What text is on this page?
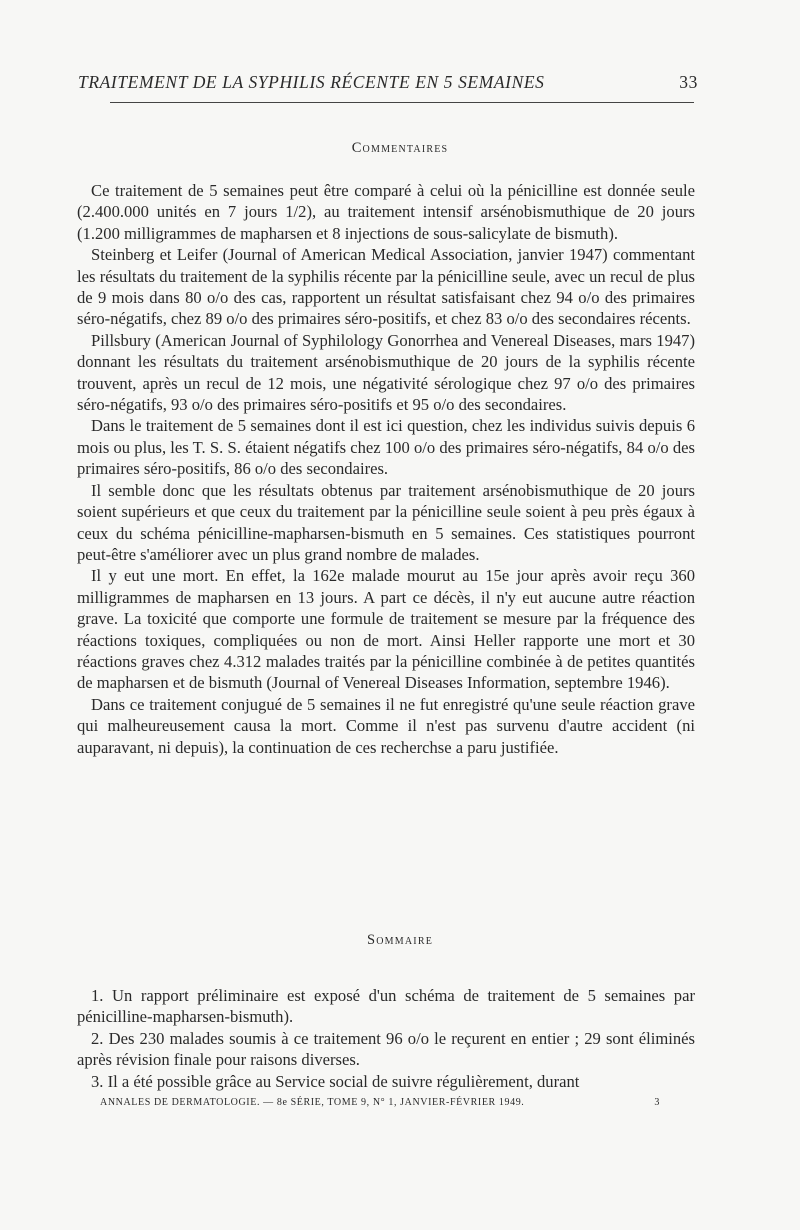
TRAITEMENT DE LA SYPHILIS RÉCENTE EN 5 SEMAINES	33
Commentaires

Ce traitement de 5 semaines peut être comparé à celui où la pénicilline est donnée seule (2.400.000 unités en 7 jours 1/2), au traitement intensif arsénobismuthique de 20 jours (1.200 milligrammes de mapharsen et 8 injections de sous-salicylate de bismuth).

Steinberg et Leifer (Journal of American Medical Association, janvier 1947) commentant les résultats du traitement de la syphilis récente par la pénicilline seule, avec un recul de plus de 9 mois dans 80 o/o des cas, rapportent un résultat satisfaisant chez 94 o/o des primaires séro-négatifs, chez 89 o/o des primaires séro-positifs, et chez 83 o/o des secondaires récents.

Pillsbury (American Journal of Syphilology Gonorrhea and Venereal Diseases, mars 1947) donnant les résultats du traitement arsénobismuthique de 20 jours de la syphilis récente trouvent, après un recul de 12 mois, une négativité sérologique chez 97 o/o des primaires séro-négatifs, 93 o/o des primaires séro-positifs et 95 o/o des secondaires.

Dans le traitement de 5 semaines dont il est ici question, chez les individus suivis depuis 6 mois ou plus, les T. S. S. étaient négatifs chez 100 o/o des primaires séro-négatifs, 84 o/o des primaires séro-positifs, 86 o/o des secondaires.

Il semble donc que les résultats obtenus par traitement arsénobismuthique de 20 jours soient supérieurs et que ceux du traitement par la pénicilline seule soient à peu près égaux à ceux du schéma pénicilline-mapharsen-bismuth en 5 semaines. Ces statistiques pourront peut-être s'améliorer avec un plus grand nombre de malades.

Il y eut une mort. En effet, la 162e malade mourut au 15e jour après avoir reçu 360 milligrammes de mapharsen en 13 jours. A part ce décès, il n'y eut aucune autre réaction grave. La toxicité que comporte une formule de traitement se mesure par la fréquence des réactions toxiques, compliquées ou non de mort. Ainsi Heller rapporte une mort et 30 réactions graves chez 4.312 malades traités par la pénicilline combinée à de petites quantités de mapharsen et de bismuth (Journal of Venereal Diseases Information, septembre 1946).

Dans ce traitement conjugué de 5 semaines il ne fut enregistré qu'une seule réaction grave qui malheureusement causa la mort. Comme il n'est pas survenu d'autre accident (ni auparavant, ni depuis), la continuation de ces recherchse a paru justifiée.

Sommaire

1. Un rapport préliminaire est exposé d'un schéma de traitement de 5 semaines par pénicilline-mapharsen-bismuth).

2. Des 230 malades soumis à ce traitement 96 o/o le reçurent en entier ; 29 sont éliminés après révision finale pour raisons diverses.

3. Il a été possible grâce au Service social de suivre régulièrement, durant

ANNALES DE DERMATOLOGIE. — 8e SÉRIE, TOME 9, N° 1, JANVIER-FÉVRIER 1949.	3
